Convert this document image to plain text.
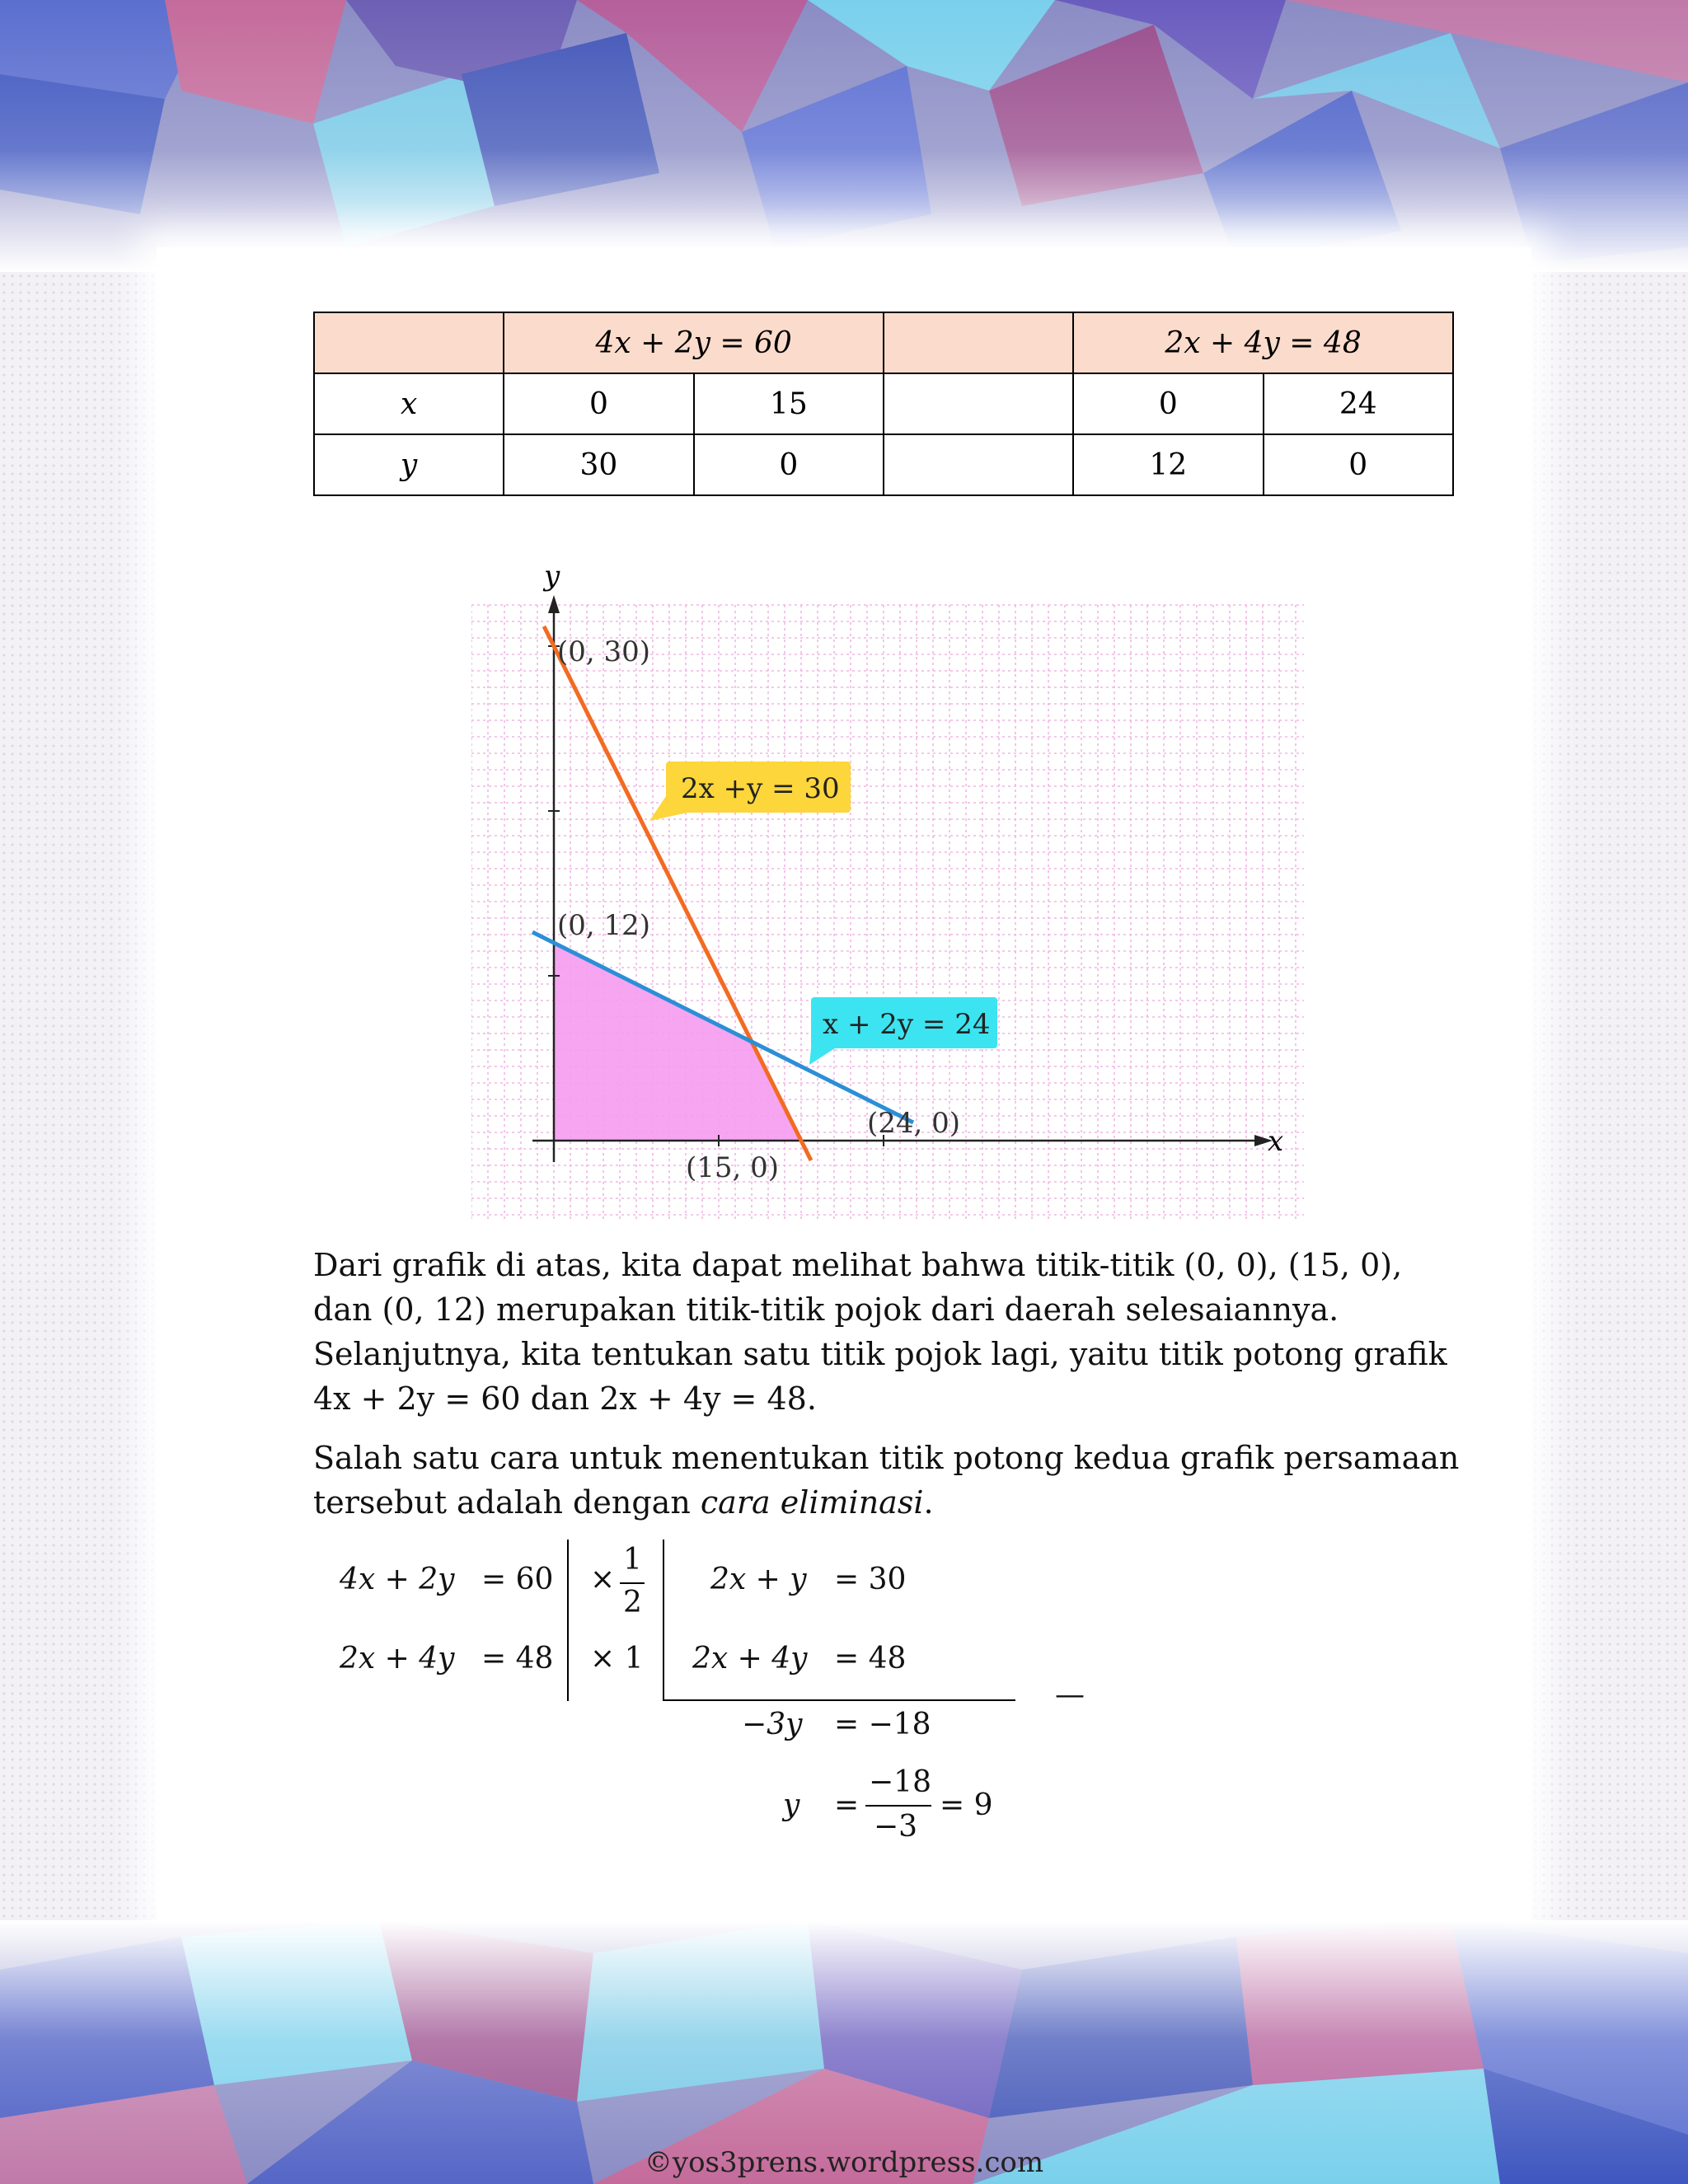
	4x + 2y = 60			2x + 4y = 48	
x	0	15		0	24
y	30	0		12	0
y
x
(0, 30)
(0, 12)
(15, 0)
(24, 0)
2x +y = 30
x + 2y = 24

Dari grafik di atas, kita dapat melihat bahwa titik-titik (0, 0), (15, 0), dan (0, 12) merupakan titik-titik pojok dari daerah selesaiannya. Selanjutnya, kita tentukan satu titik pojok lagi, yaitu titik potong grafik 4x + 2y = 60 dan 2x + 4y = 48.

Salah satu cara untuk menentukan titik potong kedua grafik persamaan tersebut adalah dengan cara eliminasi.

4x + 2y = 60 ×
1
2
2x + y = 30
2x + 4y = 48 × 1 2x + 4y = 48
—
−3y = −18
y =
−18
−3
= 9
©yos3prens.wordpress.com
